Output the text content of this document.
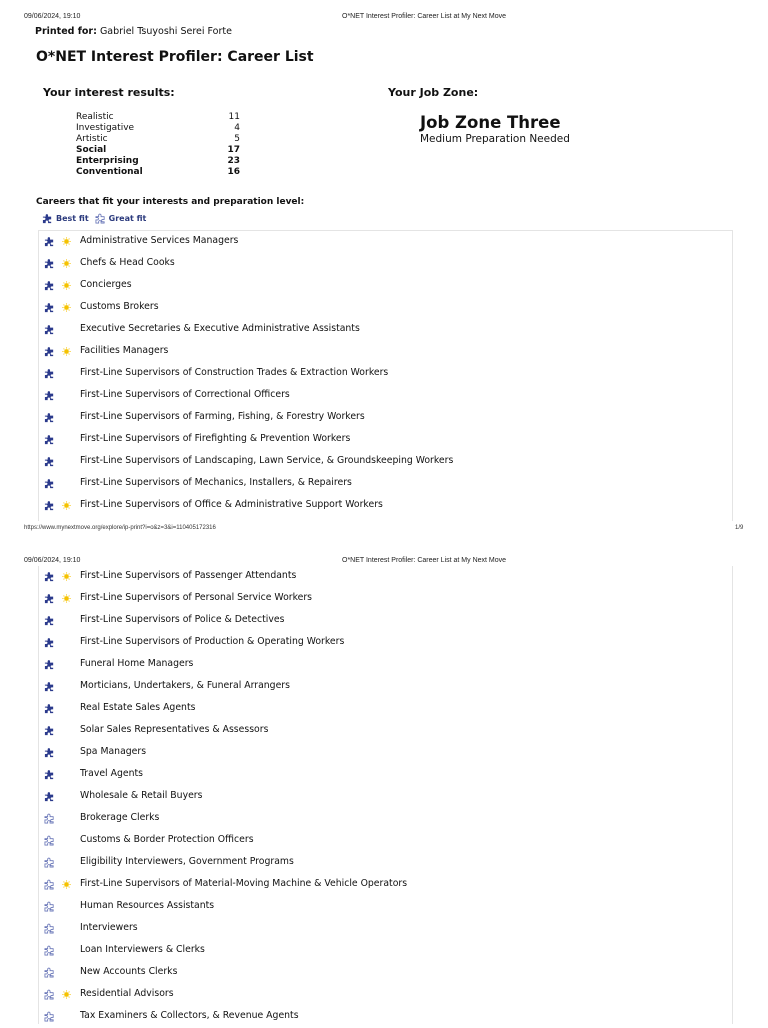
09/06/2024, 19:10	O*NET Interest Profiler: Career List at My Next Move
Printed for: Gabriel Tsuyoshi Serei Forte
O*NET Interest Profiler: Career List
Your interest results:	Your Job Zone:
Realistic	11
Investigative	4
Artistic	5
Social	17
Enterprising	23
Conventional	16
Job Zone Three
Medium Preparation Needed
Careers that fit your interests and preparation level:
Best fit	Great fit
Administrative Services Managers
Chefs & Head Cooks
Concierges
Customs Brokers
Executive Secretaries & Executive Administrative Assistants
Facilities Managers
First-Line Supervisors of Construction Trades & Extraction Workers
First-Line Supervisors of Correctional Officers
First-Line Supervisors of Farming, Fishing, & Forestry Workers
First-Line Supervisors of Firefighting & Prevention Workers
First-Line Supervisors of Landscaping, Lawn Service, & Groundskeeping Workers
First-Line Supervisors of Mechanics, Installers, & Repairers
First-Line Supervisors of Office & Administrative Support Workers
https://www.mynextmove.org/explore/ip-print?i=o&z=3&i=110405172316	1/9
09/06/2024, 19:10	O*NET Interest Profiler: Career List at My Next Move
First-Line Supervisors of Passenger Attendants
First-Line Supervisors of Personal Service Workers
First-Line Supervisors of Police & Detectives
First-Line Supervisors of Production & Operating Workers
Funeral Home Managers
Morticians, Undertakers, & Funeral Arrangers
Real Estate Sales Agents
Solar Sales Representatives & Assessors
Spa Managers
Travel Agents
Wholesale & Retail Buyers
Brokerage Clerks
Customs & Border Protection Officers
Eligibility Interviewers, Government Programs
First-Line Supervisors of Material-Moving Machine & Vehicle Operators
Human Resources Assistants
Interviewers
Loan Interviewers & Clerks
New Accounts Clerks
Residential Advisors
Tax Examiners & Collectors, & Revenue Agents
